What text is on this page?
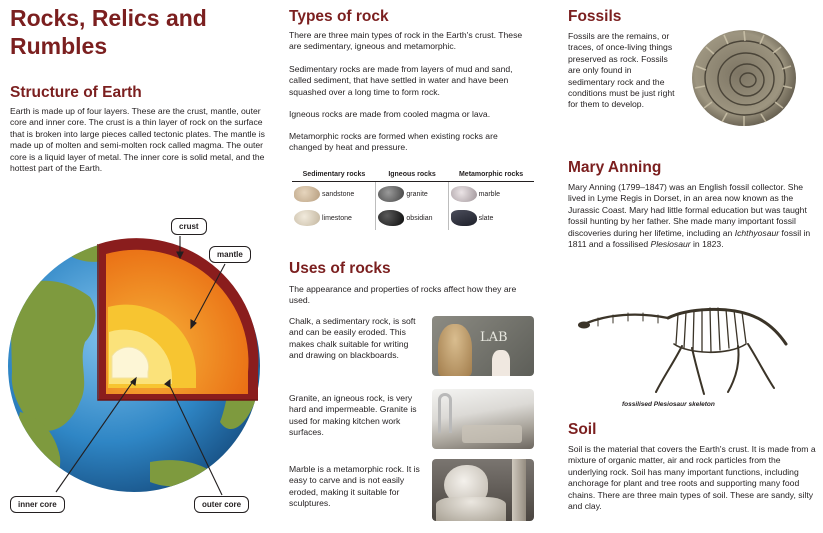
Rocks, Relics and Rumbles
Structure of Earth
Earth is made up of four layers. These are the crust, mantle, outer core and inner core. The crust is a thin layer of rock on the surface that is broken into large pieces called tectonic plates. The mantle is made up of molten and semi-molten rock called magma. The outer core is a liquid layer of metal. The inner core is solid metal, and the hottest part of the Earth.
crust
mantle
inner core	outer core
Types of rock
There are three main types of rock in the Earth's crust. These are sedimentary, igneous and metamorphic.
Sedimentary rocks are made from layers of mud and sand, called sediment, that have settled in water and have been squashed over a long time to form rock.
Igneous rocks are made from cooled magma or lava.
Metamorphic rocks are formed when existing rocks are changed by heat and pressure.
Sedimentary rocks	Igneous rocks	Metamorphic rocks
sandstone	granite	marble
limestone	obsidian	slate
Uses of rocks
The appearance and properties of rocks affect how they are used.
Chalk, a sedimentary rock, is soft and can be easily eroded. This makes chalk suitable for writing and drawing on blackboards.
LAB
Granite, an igneous rock, is very hard and impermeable. Granite is used for making kitchen work surfaces.
Marble is a metamorphic rock. It is easy to carve and is not easily eroded, making it suitable for sculptures.
Fossils
Fossils are the remains, or traces, of once-living things preserved as rock. Fossils are only found in sedimentary rock and the conditions must be just right for them to develop.
Mary Anning
Mary Anning (1799–1847) was an English fossil collector. She lived in Lyme Regis in Dorset, in an area now known as the Jurassic Coast. Mary had little formal education but was taught fossil hunting by her father. She made many important fossil discoveries during her lifetime, including an Ichthyosaur fossil in 1811 and a fossilised Plesiosaur in 1823.
fossilised Plesiosaur skeleton
Soil
Soil is the material that covers the Earth's crust. It is made from a mixture of organic matter, air and rock particles from the underlying rock. Soil has many important functions, including anchorage for plant and tree roots and supporting many food chains. There are three main types of soil. These are sandy, silty and clay.
